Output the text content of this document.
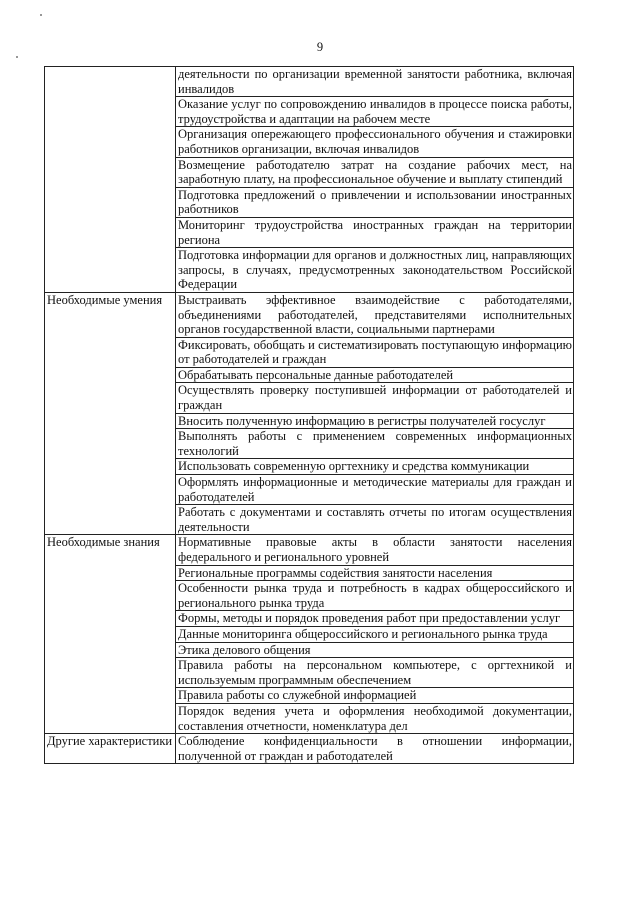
9
	деятельности по организации временной занятости работника, включая инвалидов
	Оказание услуг по сопровождению инвалидов в процессе поиска работы, трудоустройства и адаптации на рабочем месте
	Организация опережающего профессионального обучения и стажировки работников организации, включая инвалидов
	Возмещение работодателю затрат на создание рабочих мест, на заработную плату, на профессиональное обучение и выплату стипендий
	Подготовка предложений о привлечении и использовании иностранных работников
	Мониторинг трудоустройства иностранных граждан на территории региона
	Подготовка информации для органов и должностных лиц, направляющих запросы, в случаях, предусмотренных законодательством Российской Федерации
Необходимые умения	Выстраивать эффективное взаимодействие с работодателями, объединениями работодателей, представителями исполнительных органов государственной власти, социальными партнерами
	Фиксировать, обобщать и систематизировать поступающую информацию от работодателей и граждан
	Обрабатывать персональные данные работодателей
	Осуществлять проверку поступившей информации от работодателей и граждан
	Вносить полученную информацию в регистры получателей госуслуг
	Выполнять работы с применением современных информационных технологий
	Использовать современную оргтехнику и средства коммуникации
	Оформлять информационные и методические материалы для граждан и работодателей
	Работать с документами и составлять отчеты по итогам осуществления деятельности
Необходимые знания	Нормативные правовые акты в области занятости населения федерального и регионального уровней
	Региональные программы содействия занятости населения
	Особенности рынка труда и потребность в кадрах общероссийского и регионального рынка труда
	Формы, методы и порядок проведения работ при предоставлении услуг
	Данные мониторинга общероссийского и регионального рынка труда
	Этика делового общения
	Правила работы на персональном компьютере, с оргтехникой и используемым программным обеспечением
	Правила работы со служебной информацией
	Порядок ведения учета и оформления необходимой документации, составления отчетности, номенклатура дел
Другие характеристики	Соблюдение конфиденциальности в отношении информации, полученной от граждан и работодателей
